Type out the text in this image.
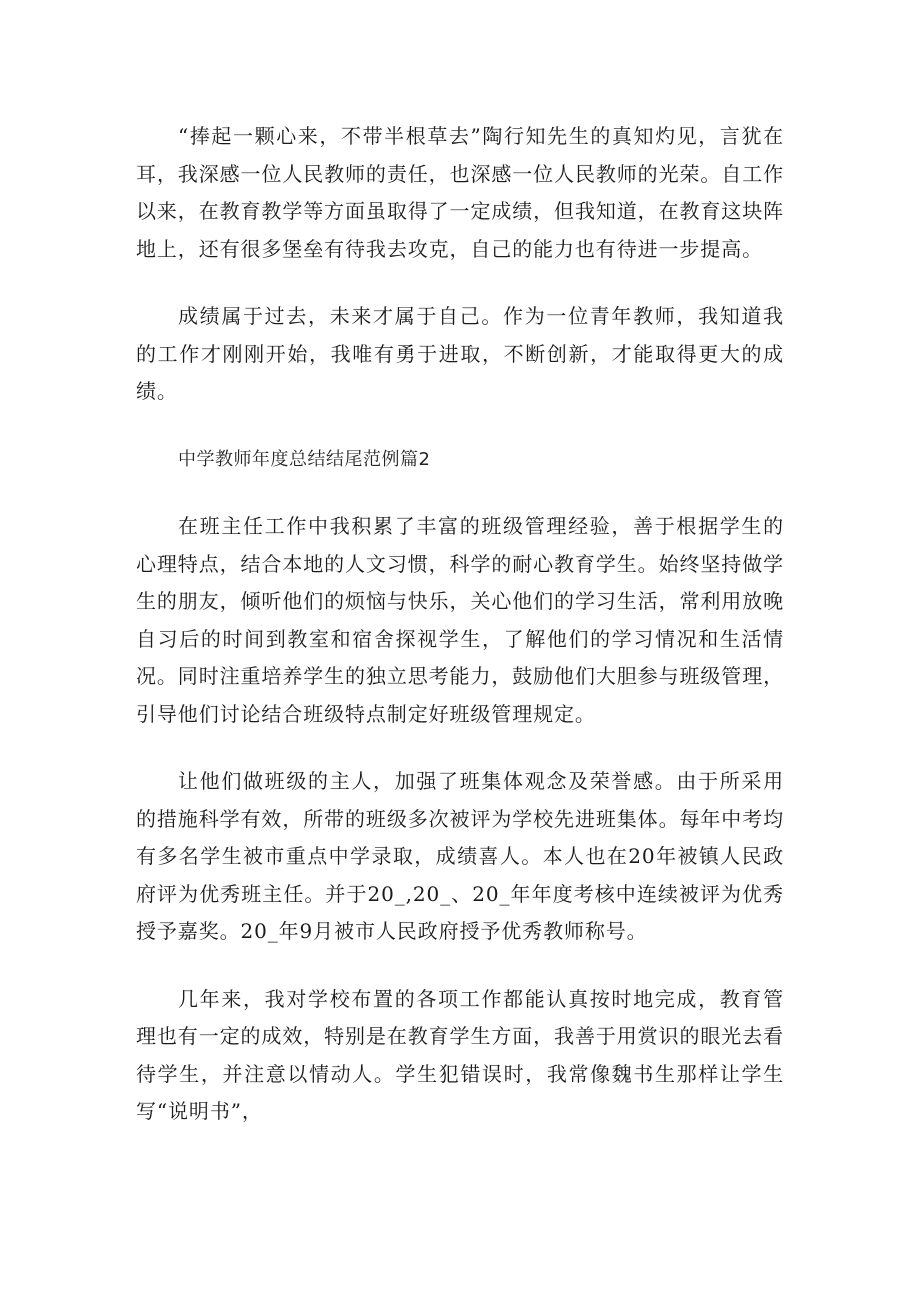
“捧起一颗心来，不带半根草去”陶行知先生的真知灼见，言犹在耳，我深感一位人民教师的责任，也深感一位人民教师的光荣。自工作以来，在教育教学等方面虽取得了一定成绩，但我知道，在教育这块阵地上，还有很多堡垒有待我去攻克，自己的能力也有待进一步提高。

成绩属于过去，未来才属于自己。作为一位青年教师，我知道我的工作才刚刚开始，我唯有勇于进取，不断创新，才能取得更大的成绩。

中学教师年度总结结尾范例篇2

在班主任工作中我积累了丰富的班级管理经验，善于根据学生的心理特点，结合本地的人文习惯，科学的耐心教育学生。始终坚持做学生的朋友，倾听他们的烦恼与快乐，关心他们的学习生活，常利用放晚自习后的时间到教室和宿舍探视学生，了解他们的学习情况和生活情况。同时注重培养学生的独立思考能力，鼓励他们大胆参与班级管理，引导他们讨论结合班级特点制定好班级管理规定。

让他们做班级的主人，加强了班集体观念及荣誉感。由于所采用的措施科学有效，所带的班级多次被评为学校先进班集体。每年中考均有多名学生被市重点中学录取，成绩喜人。本人也在20年被镇人民政府评为优秀班主任。并于20_,20_、20_年年度考核中连续被评为优秀授予嘉奖。20_年9月被市人民政府授予优秀教师称号。

几年来，我对学校布置的各项工作都能认真按时地完成，教育管理也有一定的成效，特别是在教育学生方面，我善于用赏识的眼光去看待学生，并注意以情动人。学生犯错误时，我常像魏书生那样让学生写“说明书”，
